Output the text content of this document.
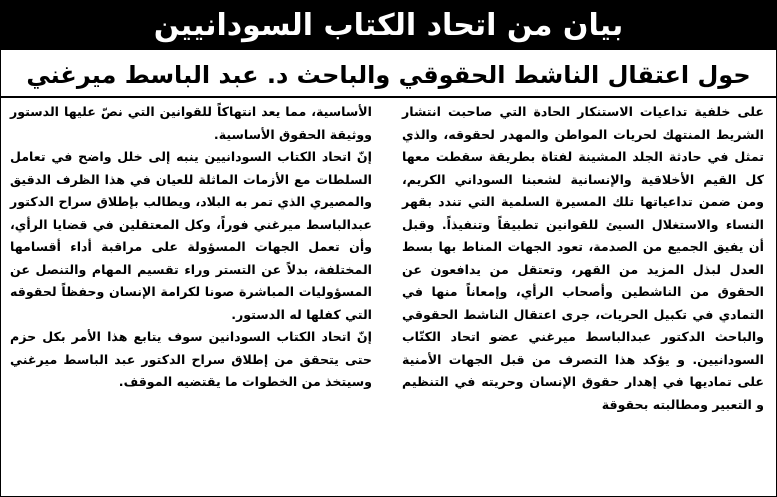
بيان من اتحاد الكتاب السودانيين
حول اعتقال الناشط الحقوقي والباحث د. عبد الباسط ميرغني

على خلفية تداعيات الاستنكار الحادة التي صاحبت انتشار الشريط المنتهك لحريات المواطن والمهدر لحقوقه، والذي تمثل في حادثة الجلد المشينة لفتاة بطريقة سقطت معها كل القيم الأخلاقية والإنسانية لشعبنا السوداني الكريم، ومن ضمن تداعياتها تلك المسيرة السلمية التي تندد بقهر النساء والاستغلال السيئ للقوانين تطبيقاً وتنفيذاً. وقبل أن يفيق الجميع من الصدمة، تعود الجهات المناط بها بسط العدل لبذل المزيد من القهر، وتعتقل من يدافعون عن الحقوق من الناشطين وأصحاب الرأي، وإمعاناً منها في التمادي في تكبيل الحريات، جرى اعتقال الناشط الحقوقي والباحث الدكتور عبدالباسط ميرغني عضو اتحاد الكتّاب السودانيين. و يؤكد هذا التصرف من قبل الجهات الأمنية على تماديها في إهدار حقوق الإنسان وحريته في التنظيم و التعبير ومطالبته بحقوقة

الأساسية، مما يعد انتهاكاً للقوانين التي نصّ عليها الدستور ووثيقة الحقوق الأساسية.

إنّ اتحاد الكتاب السودانيين ينبه إلى خلل واضح في تعامل السلطات مع الأزمات الماثلة للعيان في هذا الظرف الدقيق والمصيري الذي تمر به البلاد، ويطالب بإطلاق سراح الدكتور عبدالباسط ميرغني فوراً، وكل المعتقلين في قضايا الرأي، وأن تعمل الجهات المسؤولة على مراقبة أداء أقسامها المختلفة، بدلاً عن التستر وراء تقسيم المهام والتنصل عن المسؤوليات المباشرة صونا لكرامة الإنسان وحفظاً لحقوقه التي كفلها له الدستور.

إنّ اتحاد الكتاب السودانين سوف يتابع هذا الأمر بكل حزم حتى يتحقق من إطلاق سراح الدكتور عبد الباسط ميرغني وسيتخذ من الخطوات ما يقتضيه الموقف.
